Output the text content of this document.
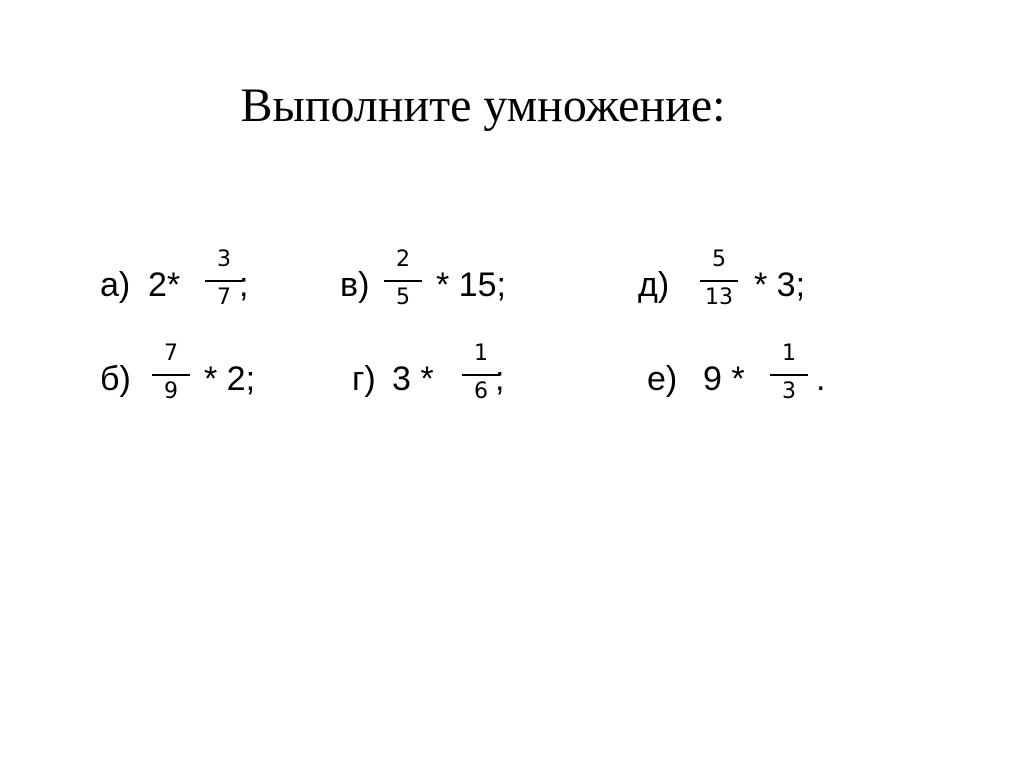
Выполните умножение:
а) 2*
3
7 ;	в)
2
5 * 15;	д)
5
13 * 3;
б)
7
9 * 2;	г) 3 *
1
6 ;	е) 9 *
1
3 .
